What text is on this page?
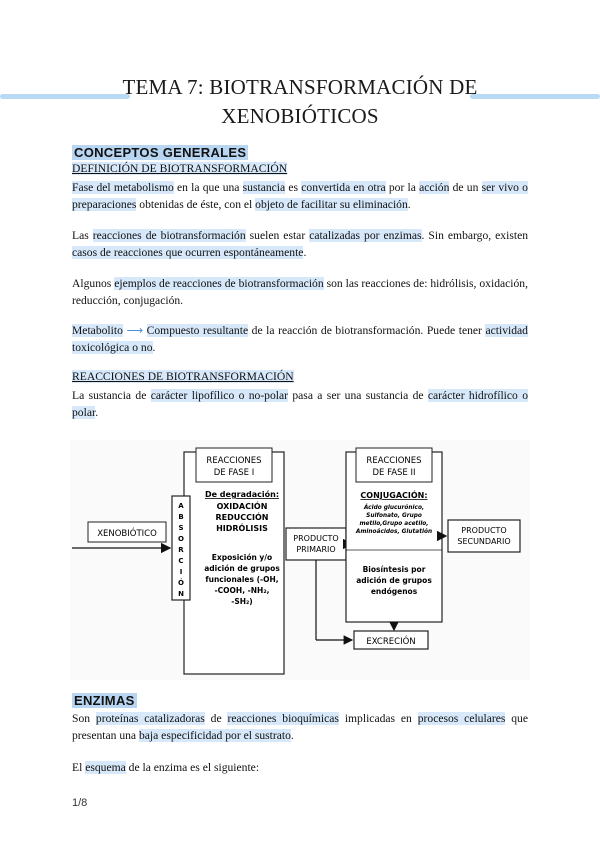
TEMA 7: BIOTRANSFORMACIÓN DE
XENOBIÓTICOS
CONCEPTOS GENERALES
DEFINICIÓN DE BIOTRANSFORMACIÓN
Fase del metabolismo en la que una sustancia es convertida en otra por la acción de un ser vivo o preparaciones obtenidas de éste, con el objeto de facilitar su eliminación.
Las reacciones de biotransformación suelen estar catalizadas por enzimas. Sin embargo, existen casos de reacciones que ocurren espontáneamente.
Algunos ejemplos de reacciones de biotransformación son las reacciones de: hidrólisis, oxidación, reducción, conjugación.
Metabolito ⟶ Compuesto resultante de la reacción de biotransformación. Puede tener actividad toxicológica o no.
REACCIONES DE BIOTRANSFORMACIÓN
La sustancia de carácter lipofílico o no-polar pasa a ser una sustancia de carácter hidrofílico o polar.
REACCIONES
DE FASE I
De degradación:
OXIDACIÓN
REDUCCIÓN
HIDRÓLISIS
Exposición y/o
adición de grupos
funcionales (-OH,
-COOH, -NH₂,
-SH₂)
A
B
S
O
R
C
I
Ó
N
XENOBIÓTICO	PRODUCTO
PRIMARIO
REACCIONES
DE FASE II
CONJUGACIÓN:
Ácido glucurónico,
Sulfonato, Grupo
metilo,Grupo acetilo,
Aminoácidos, Glutatión
Biosíntesis por
adición de grupos
endógenos
PRODUCTO
SECUNDARIO
EXCRECIÓN
ENZIMAS
Son proteínas catalizadoras de reacciones bioquímicas implicadas en procesos celulares que presentan una baja especificidad por el sustrato.
El esquema de la enzima es el siguiente:
1/8
